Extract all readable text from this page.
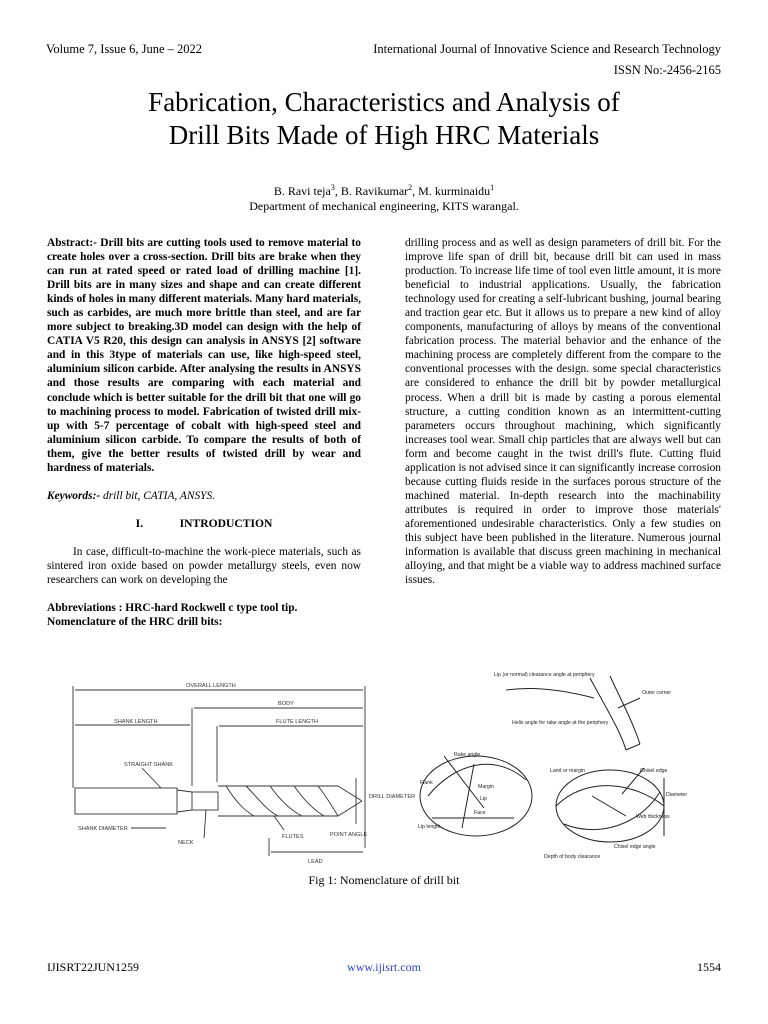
Volume 7, Issue 6, June – 2022	International Journal of Innovative Science and Research Technology
ISSN No:-2456-2165
Fabrication, Characteristics and Analysis of
Drill Bits Made of High HRC Materials
B. Ravi teja$^3$, B. Ravikumar$^2$, M. kurminaidu$^1$
Department of mechanical engineering, KITS warangal.

Abstract:- Drill bits are cutting tools used to remove material to create holes over a cross-section. Drill bits are brake when they can run at rated speed or rated load of drilling machine [1]. Drill bits are in many sizes and shape and can create different kinds of holes in many different materials. Many hard materials, such as carbides, are much more brittle than steel, and are far more subject to breaking.3D model can design with the help of CATIA V5 R20, this design can analysis in ANSYS [2] software and in this 3type of materials can use, like high-speed steel, aluminium silicon carbide. After analysing the results in ANSYS and those results are comparing with each material and conclude which is better suitable for the drill bit that one will go to machining process to model. Fabrication of twisted drill mix-up with 5-7 percentage of cobalt with high-speed steel and aluminium silicon carbide. To compare the results of both of them, give the better results of twisted drill by wear and hardness of materials.

Keywords:- drill bit, CATIA, ANSYS.

I.	INTRODUCTION

In case, difficult-to-machine the work-piece materials, such as sintered iron oxide based on powder metallurgy steels, even now researchers can work on developing the

Abbreviations : HRC-hard Rockwell c type tool tip.

Nomenclature of the HRC drill bits:

drilling process and as well as design parameters of drill bit. For the improve life span of drill bit, because drill bit can used in mass production. To increase life time of tool even little amount, it is more beneficial to industrial applications. Usually, the fabrication technology used for creating a self-lubricant bushing, journal bearing and traction gear etc. But it allows us to prepare a new kind of alloy components, manufacturing of alloys by means of the conventional fabrication process. The material behavior and the enhance of the machining process are completely different from the compare to the conventional processes with the design. some special characteristics are considered to enhance the drill bit by powder metallurgical process. When a drill bit is made by casting a porous elemental structure, a cutting condition known as an intermittent-cutting parameters occurs throughout machining, which significantly increases tool wear. Small chip particles that are always well but can form and become caught in the twist drill's flute. Cutting fluid application is not advised since it can significantly increase corrosion because cutting fluids reside in the surfaces porous structure of the machined material. In-depth research into the machinability attributes is required in order to improve those materials' aforementioned undesirable characteristics. Only a few studies on this subject have been published in the literature. Numerous journal information is available that discuss green machining in mechanical alloying, and that might be a viable way to address machined surface issues.

OVERALL LENGTH
BODY
SHANK LENGTH	FLUTE LENGTH
STRAIGHT SHANK
DRILL DIAMETER
SHANK DIAMETER
NECK
FLUTES	POINT ANGLE
LEAD
Lip (or normal) clearance angle at periphery
Outer corner
Helix angle for rake angle at the periphery
Chisel edge
Rake angle
Flank
Face
Lip length
Margin
Lip
Land or margin
Diameter
Web thickness
Chisel edge angle
Depth of body clearance
Fig 1: Nomenclature of drill bit
IJISRT22JUN1259	www.ijisrt.com	1554
